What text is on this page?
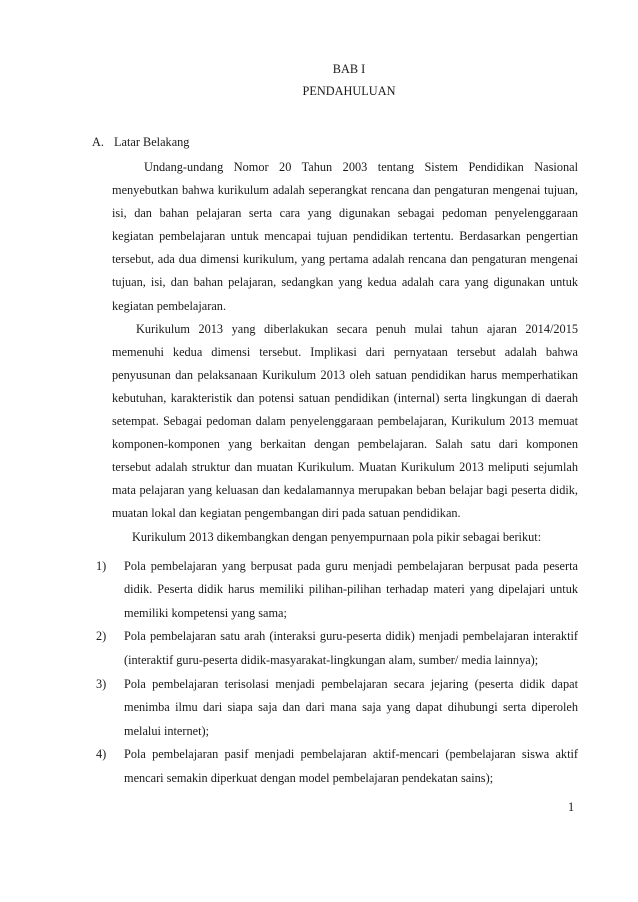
BAB I
PENDAHULUAN
A. Latar Belakang

Undang-undang Nomor 20 Tahun 2003 tentang Sistem Pendidikan Nasional menyebutkan bahwa kurikulum adalah seperangkat rencana dan pengaturan mengenai tujuan, isi, dan bahan pelajaran serta cara yang digunakan sebagai pedoman penyelenggaraan kegiatan pembelajaran untuk mencapai tujuan pendidikan tertentu. Berdasarkan pengertian tersebut, ada dua dimensi kurikulum, yang pertama adalah rencana dan pengaturan mengenai tujuan, isi, dan bahan pelajaran, sedangkan yang kedua adalah cara yang digunakan untuk kegiatan pembelajaran.

Kurikulum 2013 yang diberlakukan secara penuh mulai tahun ajaran 2014/2015 memenuhi kedua dimensi tersebut. Implikasi dari pernyataan tersebut adalah bahwa penyusunan dan pelaksanaan Kurikulum 2013 oleh satuan pendidikan harus memperhatikan kebutuhan, karakteristik dan potensi satuan pendidikan (internal) serta lingkungan di daerah setempat. Sebagai pedoman dalam penyelenggaraan pembelajaran, Kurikulum 2013 memuat komponen-komponen yang berkaitan dengan pembelajaran. Salah satu dari komponen tersebut adalah struktur dan muatan Kurikulum. Muatan Kurikulum 2013 meliputi sejumlah mata pelajaran yang keluasan dan kedalamannya merupakan beban belajar bagi peserta didik, muatan lokal dan kegiatan pengembangan diri pada satuan pendidikan.

Kurikulum 2013 dikembangkan dengan penyempurnaan pola pikir sebagai berikut:

1) Pola pembelajaran yang berpusat pada guru menjadi pembelajaran berpusat pada peserta didik. Peserta didik harus memiliki pilihan-pilihan terhadap materi yang dipelajari untuk memiliki kompetensi yang sama;
2) Pola pembelajaran satu arah (interaksi guru-peserta didik) menjadi pembelajaran interaktif (interaktif guru-peserta didik-masyarakat-lingkungan alam, sumber/ media lainnya);
3) Pola pembelajaran terisolasi menjadi pembelajaran secara jejaring (peserta didik dapat menimba ilmu dari siapa saja dan dari mana saja yang dapat dihubungi serta diperoleh melalui internet);
4) Pola pembelajaran pasif menjadi pembelajaran aktif-mencari (pembelajaran siswa aktif mencari semakin diperkuat dengan model pembelajaran pendekatan sains);
1
